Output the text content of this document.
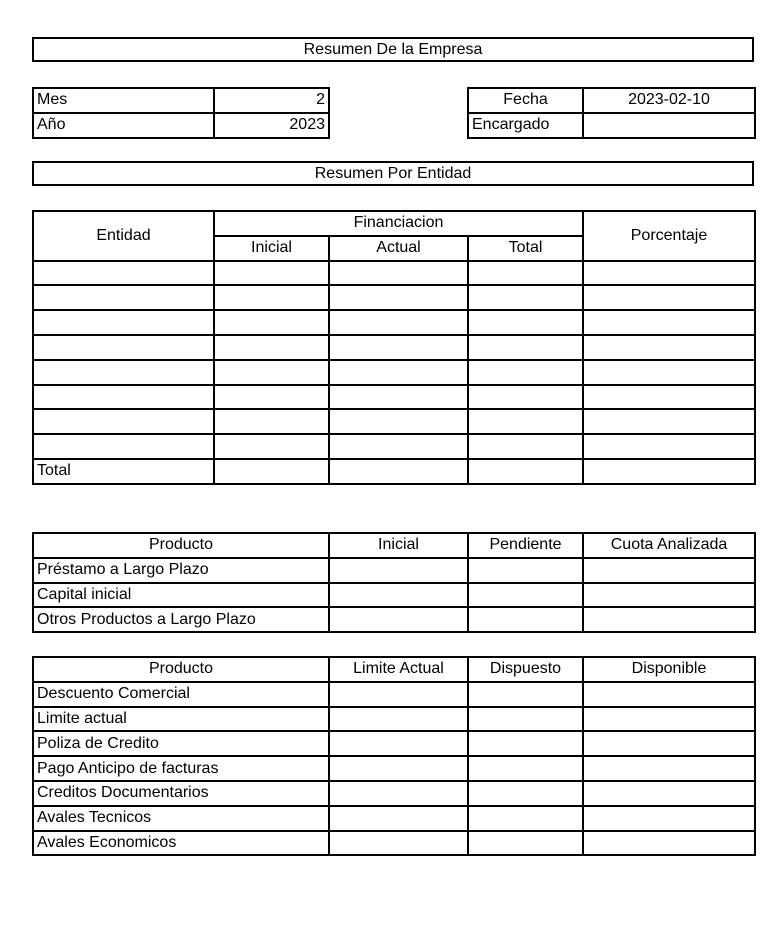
Resumen De la Empresa
Mes	2
Año	2023
Fecha	2023-02-10
Encargado	
Resumen Por Entidad
Entidad	Financiacion			Porcentaje
	Inicial	Actual	Total	

Total				
Producto	Inicial	Pendiente	Cuota Analizada
Préstamo a Largo Plazo			
Capital inicial			
Otros Productos a Largo Plazo			
Producto	Limite Actual	Dispuesto	Disponible
Descuento Comercial			
Limite actual			
Poliza de Credito			
Pago Anticipo de facturas			
Creditos Documentarios			
Avales Tecnicos			
Avales Economicos			
